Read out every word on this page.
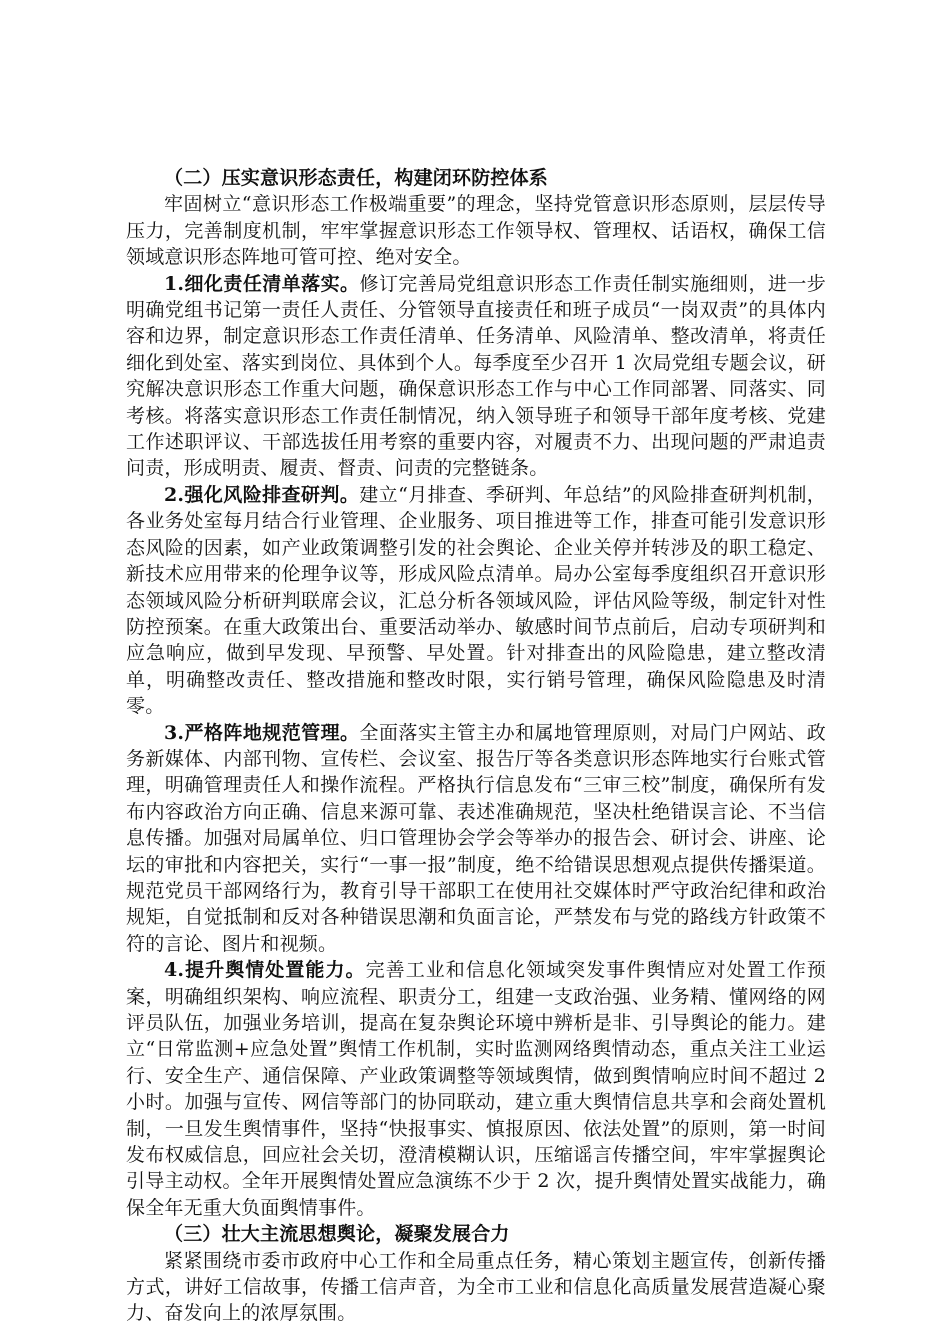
（二）压实意识形态责任，构建闭环防控体系

牢固树立“意识形态工作极端重要”的理念，坚持党管意识形态原则，层层传导压力，完善制度机制，牢牢掌握意识形态工作领导权、管理权、话语权，确保工信领域意识形态阵地可管可控、绝对安全。

1.细化责任清单落实。修订完善局党组意识形态工作责任制实施细则，进一步明确党组书记第一责任人责任、分管领导直接责任和班子成员“一岗双责”的具体内容和边界，制定意识形态工作责任清单、任务清单、风险清单、整改清单，将责任细化到处室、落实到岗位、具体到个人。每季度至少召开 1 次局党组专题会议，研究解决意识形态工作重大问题，确保意识形态工作与中心工作同部署、同落实、同考核。将落实意识形态工作责任制情况，纳入领导班子和领导干部年度考核、党建工作述职评议、干部选拔任用考察的重要内容，对履责不力、出现问题的严肃追责问责，形成明责、履责、督责、问责的完整链条。

2.强化风险排查研判。建立“月排查、季研判、年总结”的风险排查研判机制，各业务处室每月结合行业管理、企业服务、项目推进等工作，排查可能引发意识形态风险的因素，如产业政策调整引发的社会舆论、企业关停并转涉及的职工稳定、新技术应用带来的伦理争议等，形成风险点清单。局办公室每季度组织召开意识形态领域风险分析研判联席会议，汇总分析各领域风险，评估风险等级，制定针对性防控预案。在重大政策出台、重要活动举办、敏感时间节点前后，启动专项研判和应急响应，做到早发现、早预警、早处置。针对排查出的风险隐患，建立整改清单，明确整改责任、整改措施和整改时限，实行销号管理，确保风险隐患及时清零。

3.严格阵地规范管理。全面落实主管主办和属地管理原则，对局门户网站、政务新媒体、内部刊物、宣传栏、会议室、报告厅等各类意识形态阵地实行台账式管理，明确管理责任人和操作流程。严格执行信息发布“三审三校”制度，确保所有发布内容政治方向正确、信息来源可靠、表述准确规范，坚决杜绝错误言论、不当信息传播。加强对局属单位、归口管理协会学会等举办的报告会、研讨会、讲座、论坛的审批和内容把关，实行“一事一报”制度，绝不给错误思想观点提供传播渠道。规范党员干部网络行为，教育引导干部职工在使用社交媒体时严守政治纪律和政治规矩，自觉抵制和反对各种错误思潮和负面言论，严禁发布与党的路线方针政策不符的言论、图片和视频。

4.提升舆情处置能力。完善工业和信息化领域突发事件舆情应对处置工作预案，明确组织架构、响应流程、职责分工，组建一支政治强、业务精、懂网络的网评员队伍，加强业务培训，提高在复杂舆论环境中辨析是非、引导舆论的能力。建立“日常监测+应急处置”舆情工作机制，实时监测网络舆情动态，重点关注工业运行、安全生产、通信保障、产业政策调整等领域舆情，做到舆情响应时间不超过 2 小时。加强与宣传、网信等部门的协同联动，建立重大舆情信息共享和会商处置机制，一旦发生舆情事件，坚持“快报事实、慎报原因、依法处置”的原则，第一时间发布权威信息，回应社会关切，澄清模糊认识，压缩谣言传播空间，牢牢掌握舆论引导主动权。全年开展舆情处置应急演练不少于 2 次，提升舆情处置实战能力，确保全年无重大负面舆情事件。

（三）壮大主流思想舆论，凝聚发展合力

紧紧围绕市委市政府中心工作和全局重点任务，精心策划主题宣传，创新传播方式，讲好工信故事，传播工信声音，为全市工业和信息化高质量发展营造凝心聚力、奋发向上的浓厚氛围。
